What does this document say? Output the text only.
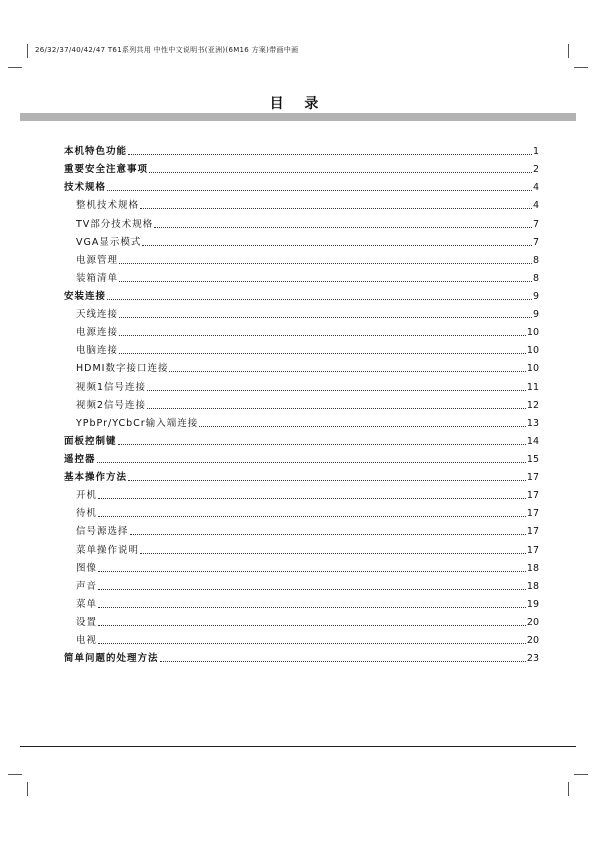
26/32/37/40/42/47 T61系列共用 中性中文说明书(亚洲)(6M16 方案)带画中画
目 录
本机特色功能	1
重要安全注意事项	2
技术规格	4
整机技术规格	4
TV部分技术规格	7
VGA显示模式	7
电源管理	8
装箱清单	8
安装连接	9
天线连接	9
电源连接	10
电脑连接	10
HDMI数字接口连接	10
视频1信号连接	11
视频2信号连接	12
YPbPr/YCbCr输入端连接	13
面板控制键	14
遥控器	15
基本操作方法	17
开机	17
待机	17
信号源选择	17
菜单操作说明	17
图像	18
声音	18
菜单	19
设置	20
电视	20
简单问题的处理方法	23
